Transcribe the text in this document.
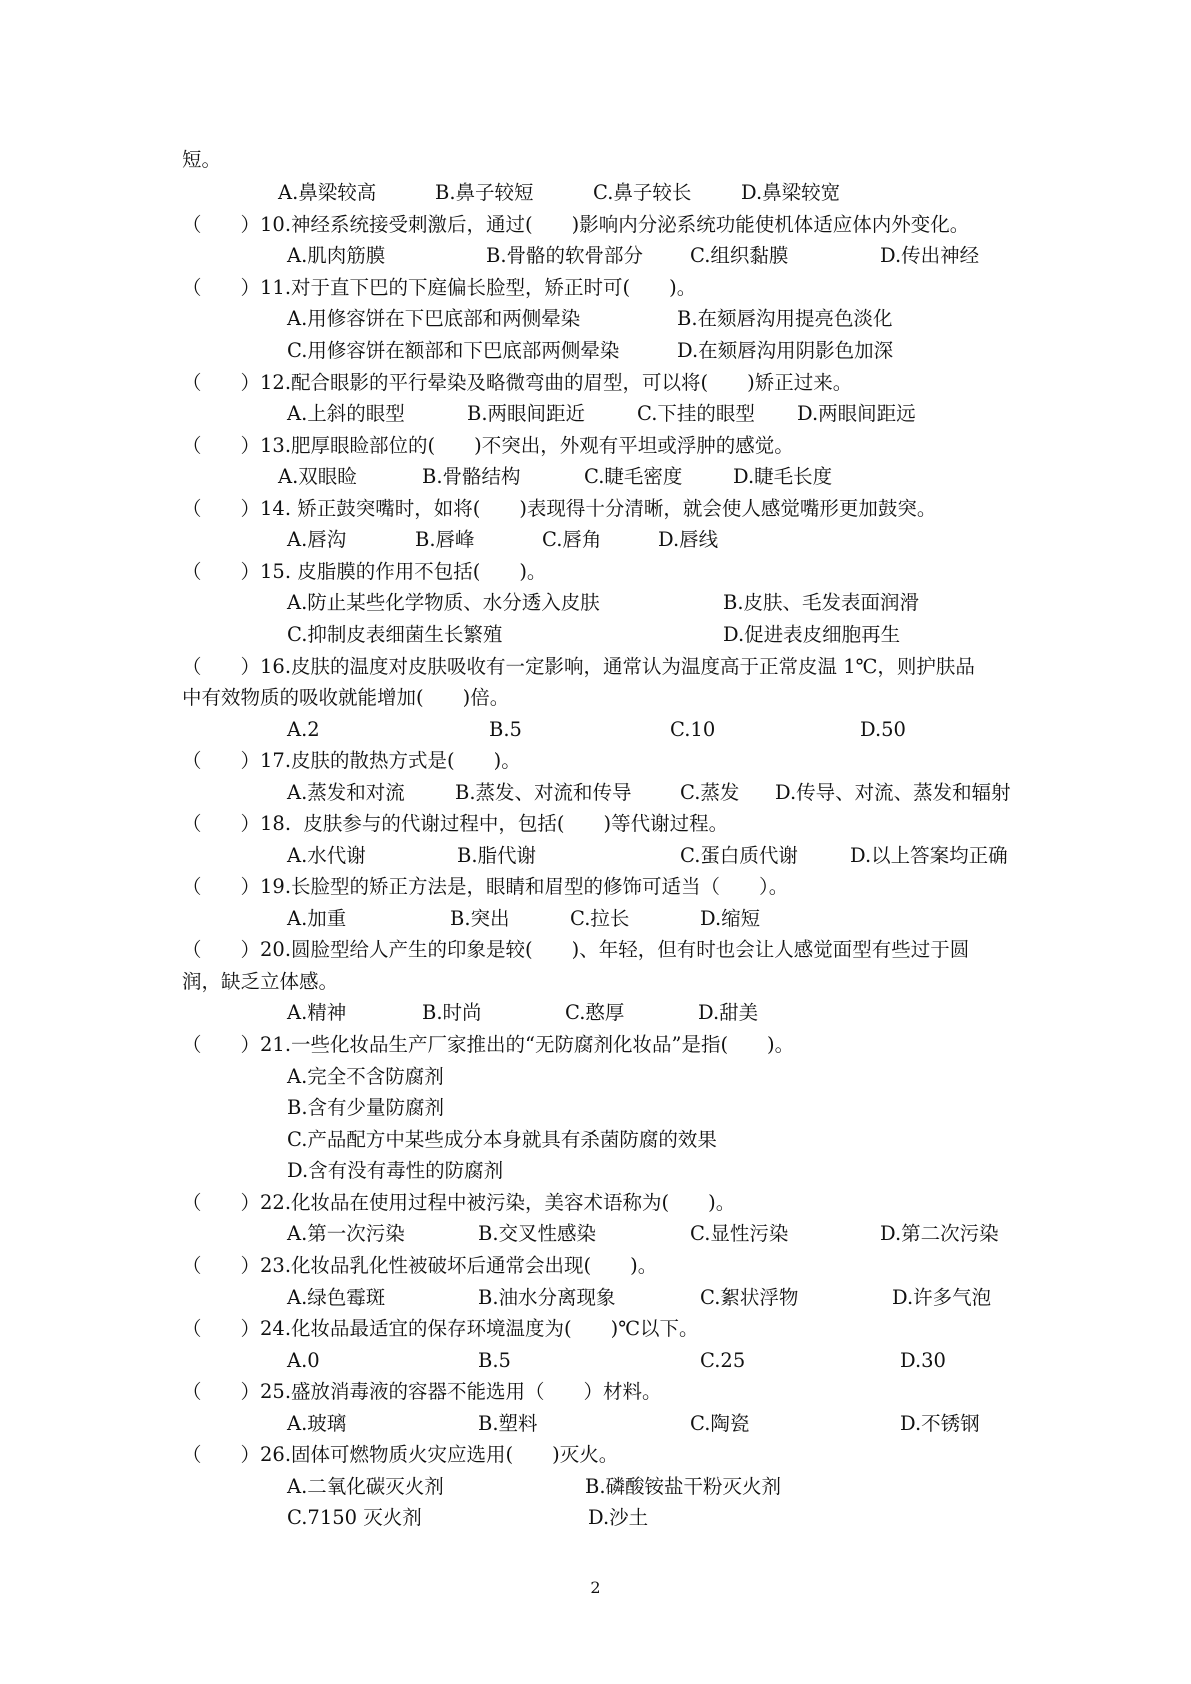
短。
A.鼻梁较高	B.鼻子较短	C.鼻子较长	D.鼻梁较宽
（　　）10.神经系统接受刺激后，通过(　　)影响内分泌系统功能使机体适应体内外变化。
A.肌肉筋膜	B.骨骼的软骨部分 C.组织黏膜	D.传出神经
（　　）11.对于直下巴的下庭偏长脸型，矫正时可(　　)。
A.用修容饼在下巴底部和两侧晕染	B.在颏唇沟用提亮色淡化
C.用修容饼在额部和下巴底部两侧晕染	D.在颏唇沟用阴影色加深
（　　）12.配合眼影的平行晕染及略微弯曲的眉型，可以将(　　)矫正过来。
A.上斜的眼型	B.两眼间距近	C.下挂的眼型 D.两眼间距远
（　　）13.肥厚眼睑部位的(　　)不突出，外观有平坦或浮肿的感觉。
A.双眼睑	B.骨骼结构	C.睫毛密度	D.睫毛长度
（　　）14. 矫正鼓突嘴时，如将(　　)表现得十分清晰，就会使人感觉嘴形更加鼓突。
A.唇沟	B.唇峰	C.唇角	D.唇线
（　　）15. 皮脂膜的作用不包括(　　)。
A.防止某些化学物质、水分透入皮肤	B.皮肤、毛发表面润滑
C.抑制皮表细菌生长繁殖	D.促进表皮细胞再生
（　　）16.皮肤的温度对皮肤吸收有一定影响，通常认为温度高于正常皮温 1℃，则护肤品
中有效物质的吸收就能增加(　　)倍。
A.2	B.5	C.10	D.50
（　　）17.皮肤的散热方式是(　　)。
A.蒸发和对流	B.蒸发、对流和传导 C.蒸发 D.传导、对流、蒸发和辐射
（　　）18.  皮肤参与的代谢过程中，包括(　　)等代谢过程。
A.水代谢	B.脂代谢	C.蛋白质代谢	D.以上答案均正确
（　　）19.长脸型的矫正方法是，眼睛和眉型的修饰可适当（　　）。
A.加重	B.突出	C.拉长	D.缩短
（　　）20.圆脸型给人产生的印象是较(　　)、年轻，但有时也会让人感觉面型有些过于圆
润，缺乏立体感。
A.精神	B.时尚	C.憨厚	D.甜美
（　　）21.一些化妆品生产厂家推出的“无防腐剂化妆品”是指(　　)。
A.完全不含防腐剂
B.含有少量防腐剂
C.产品配方中某些成分本身就具有杀菌防腐的效果
D.含有没有毒性的防腐剂
（　　）22.化妆品在使用过程中被污染，美容术语称为(　　)。
A.第一次污染	B.交叉性感染	C.显性污染	D.第二次污染
（　　）23.化妆品乳化性被破坏后通常会出现(　　)。
A.绿色霉斑	B.油水分离现象	C.絮状浮物	D.许多气泡
（　　）24.化妆品最适宜的保存环境温度为(　　)℃以下。
A.0	B.5	C.25	D.30
（　　）25.盛放消毒液的容器不能选用（　　）材料。
A.玻璃	B.塑料	C.陶瓷	D.不锈钢
（　　）26.固体可燃物质火灾应选用(　　)灭火。
A.二氧化碳灭火剂	B.磷酸铵盐干粉灭火剂
C.7150 灭火剂	D.沙土
2
